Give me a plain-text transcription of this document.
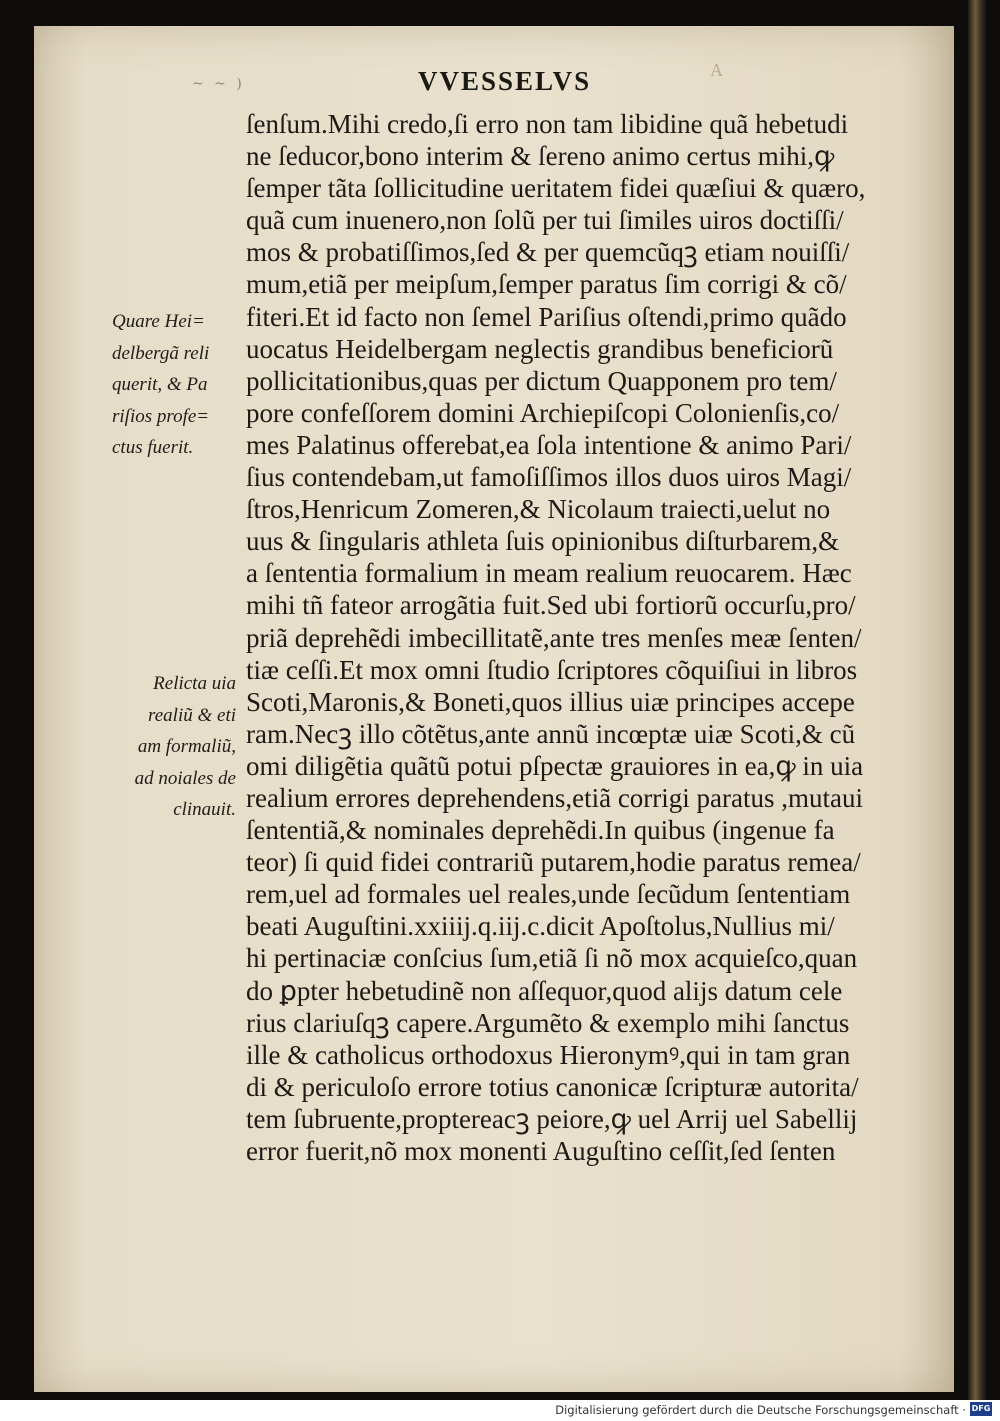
~ ~ )	VVESSELVS	A
ſenſum.Mihi credo,ſi erro non tam libidine quã hebetudi
ne ſeducor,bono interim & ſereno animo certus mihi,ꝙ
ſemper tãta ſollicitudine ueritatem fidei quæſiui & quæro,
quã cum inuenero,non ſolũ per tui ſimiles uiros doctiſſi/
mos & probatiſſimos,ſed & per quemcũqꝫ etiam nouiſſi/
mum,etiã per meipſum,ſemper paratus ſim corrigi & cõ/
fiteri.Et id facto non ſemel Pariſius oſtendi,primo quãdo
uocatus Heidelbergam neglectis grandibus beneficiorũ
pollicitationibus,quas per dictum Quapponem pro tem/
pore confeſſorem domini Archiepiſcopi Colonienſis,co/
mes Palatinus offerebat,ea ſola intentione & animo Pari/
ſius contendebam,ut famoſiſſimos illos duos uiros Magi/
ſtros,Henricum Zomeren,& Nicolaum traiecti,uelut no
uus & ſingularis athleta ſuis opinionibus diſturbarem,&
a ſententia formalium in meam realium reuocarem. Hæc
mihi tñ fateor arrogãtia fuit.Sed ubi fortiorũ occurſu,pro/
priã deprehẽdi imbecillitatẽ,ante tres menſes meæ ſenten/
tiæ ceſſi.Et mox omni ſtudio ſcriptores cõquiſiui in libros
Scoti,Maronis,& Boneti,quos illius uiæ principes accepe
ram.Necꝫ illo cõtẽtus,ante annũ incœptæ uiæ Scoti,& cũ
omi diligẽtia quãtũ potui pſpectæ grauiores in ea,ꝙ in uia
realium errores deprehendens,etiã corrigi paratus ,mutaui
ſententiã,& nominales deprehẽdi.In quibus (ingenue fa
teor) ſi quid fidei contrariũ putarem,hodie paratus remea/
rem,uel ad formales uel reales,unde ſecũdum ſententiam
beati Auguſtini.xxiiij.q.iij.c.dicit Apoſtolus,Nullius mi/
hi pertinaciæ conſcius ſum,etiã ſi nõ mox acquieſco,quan
do ꝑpter hebetudinẽ non aſſequor,quod alijs datum cele
rius clariuſqꝫ capere.Argumẽto & exemplo mihi ſanctus
ille & catholicus orthodoxus Hieronymꝰ,qui in tam gran
di & periculoſo errore totius canonicæ ſcripturæ autorita/
tem ſubruente,proptereacꝫ peiore,ꝙ uel Arrij uel Sabellij
error fuerit,nõ mox monenti Auguſtino ceſſit,ſed ſenten
Quare Hei=
delbergã reli
querit, & Pa
riſios profe=
ctus fuerit.
Relicta uia
realiũ & eti
am formaliũ,
ad noiales de
clinauit.
Digitalisierung gefördert durch die Deutsche Forschungsgemeinschaft · DFG
